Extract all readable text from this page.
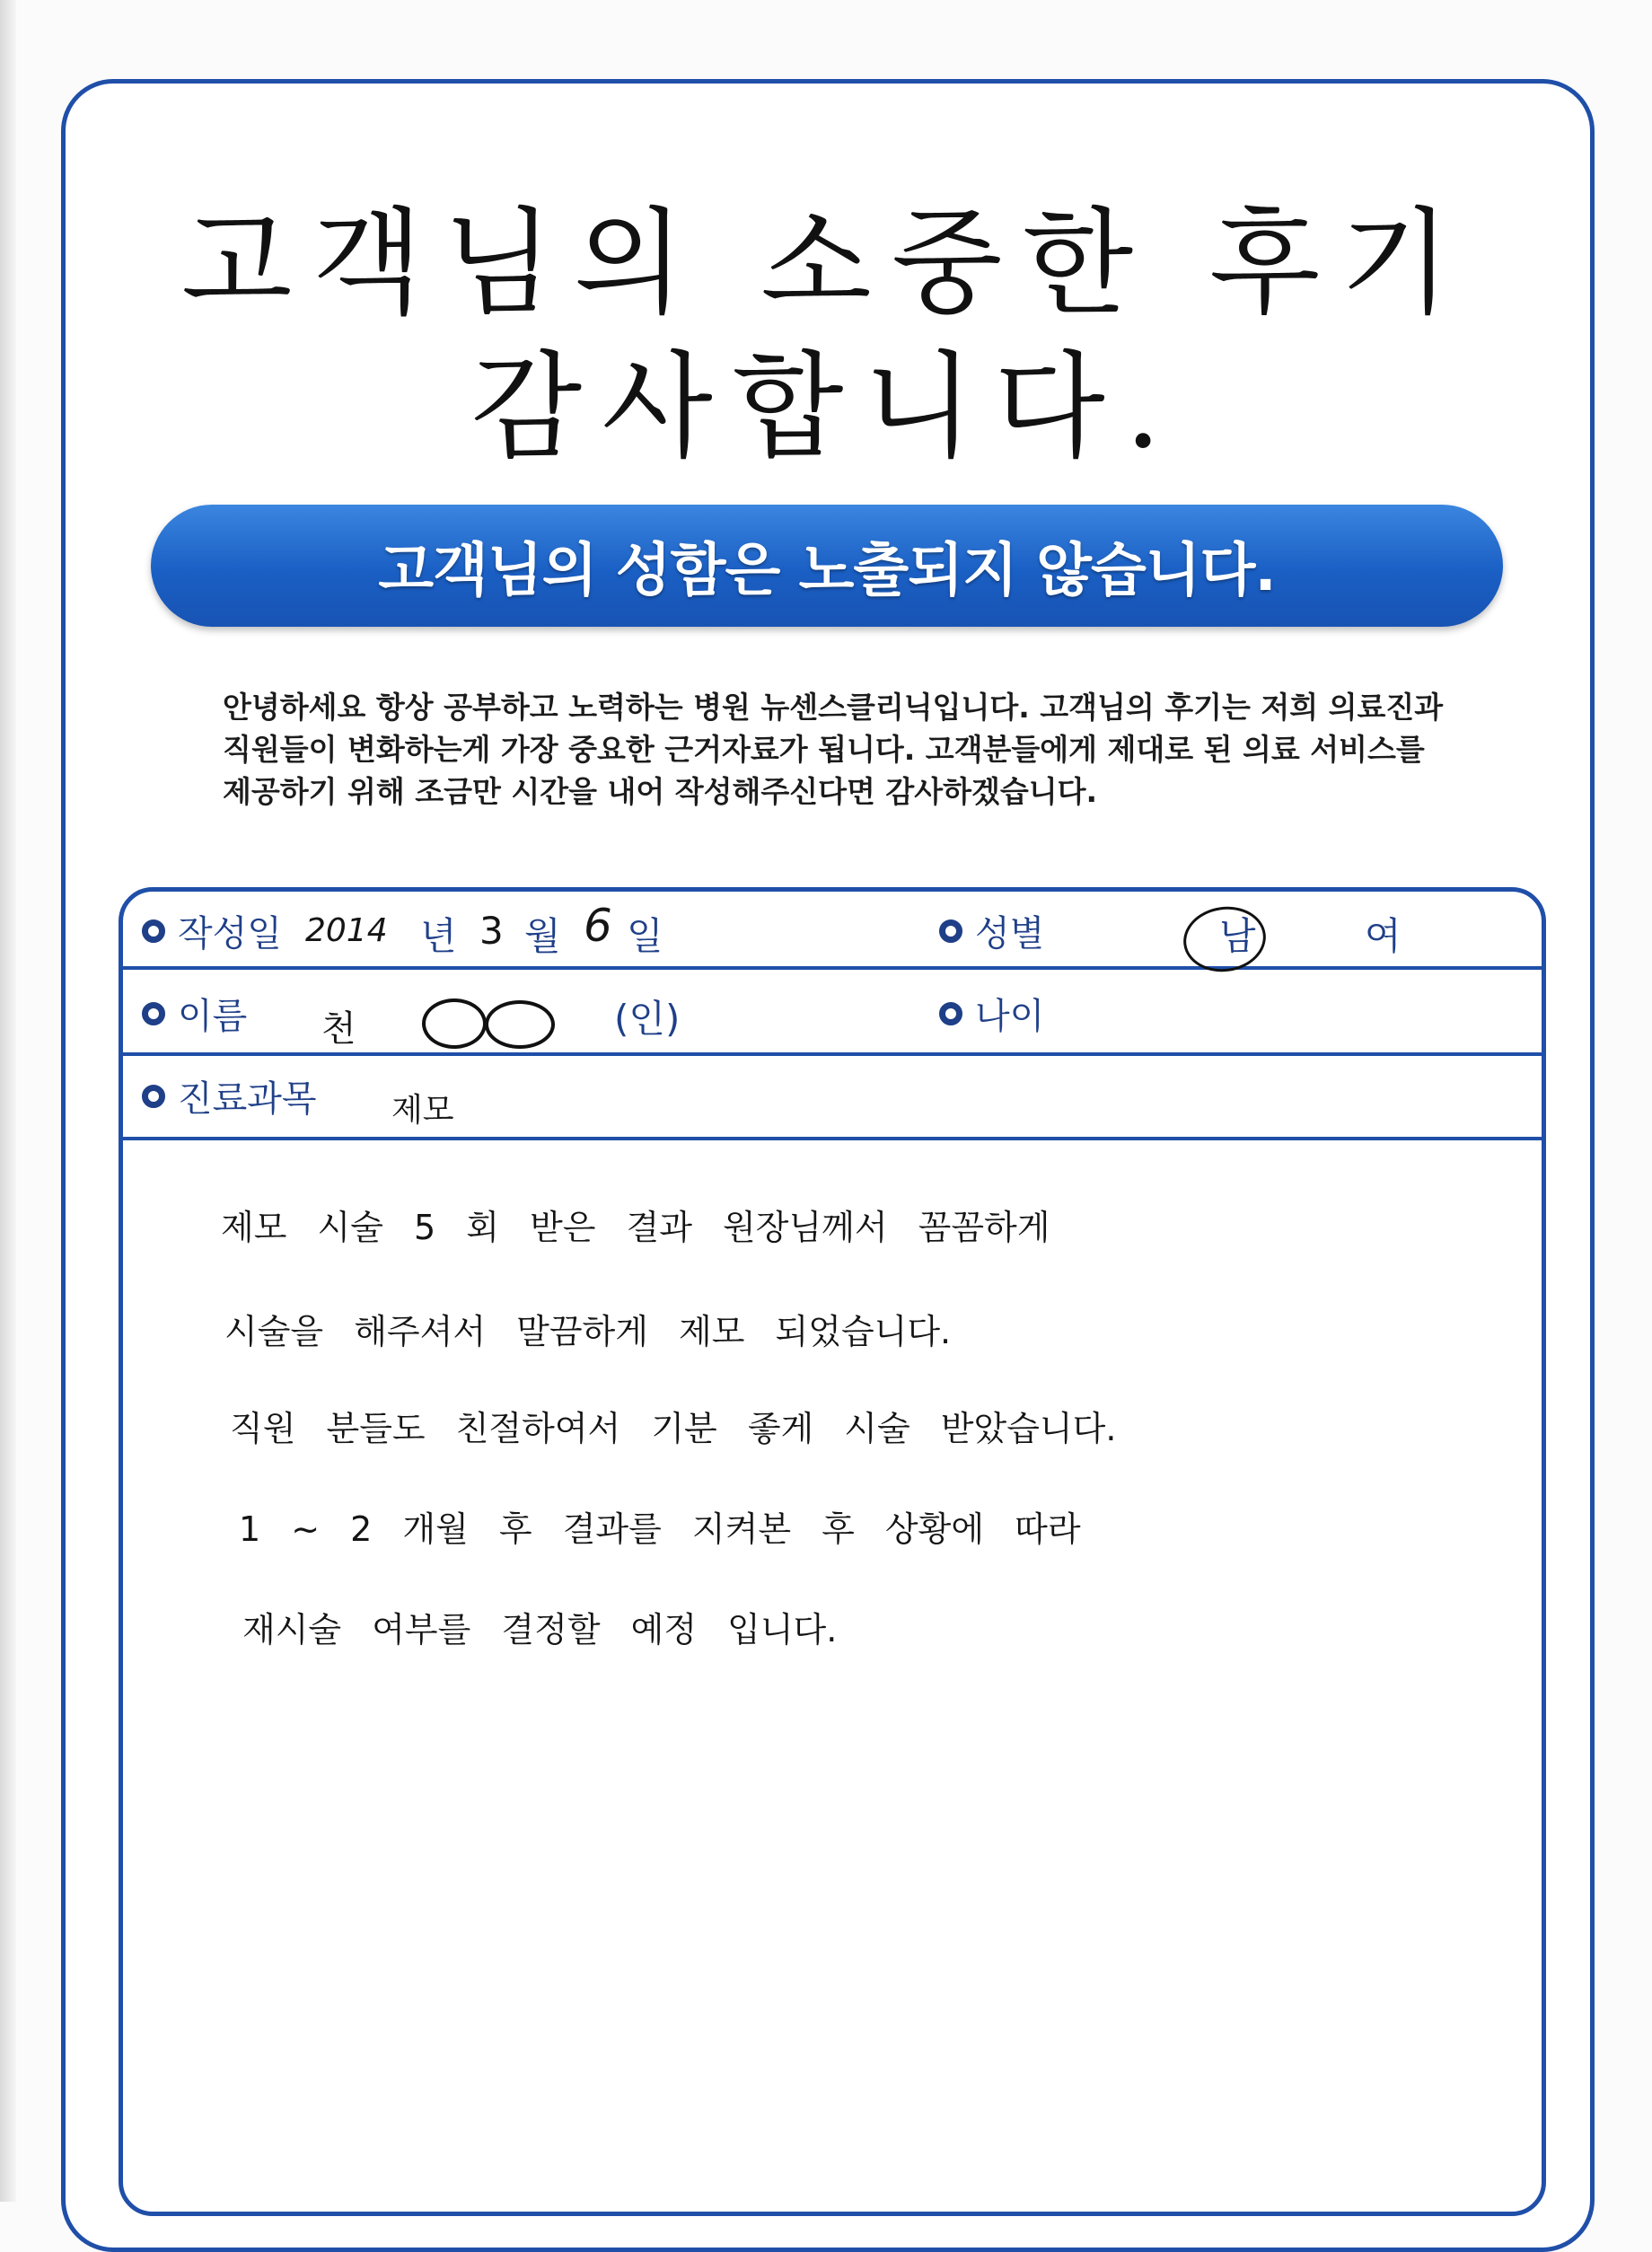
고객님의 소중한 후기
감사합니다.
고객님의 성함은 노출되지 않습니다.
안녕하세요 항상 공부하고 노력하는 병원 뉴센스클리닉입니다. 고객님의 후기는 저희 의료진과
직원들이 변화하는게 가장 중요한 근거자료가 됩니다. 고객분들에게 제대로 된 의료 서비스를
제공하기 위해 조금만 시간을 내어 작성해주신다면 감사하겠습니다.
작성일 2014 년 3 월 6 일	성별	남	여
이름 천	(인)	나이
진료과목 제모
제모 시술 5 회 받은 결과 원장님께서 꼼꼼하게
시술을 해주셔서 말끔하게 제모 되었습니다.
직원 분들도 친절하여서 기분 좋게 시술 받았습니다.
1 ~ 2 개월 후 결과를 지켜본 후 상황에 따라
재시술 여부를 결정할 예정 입니다.
